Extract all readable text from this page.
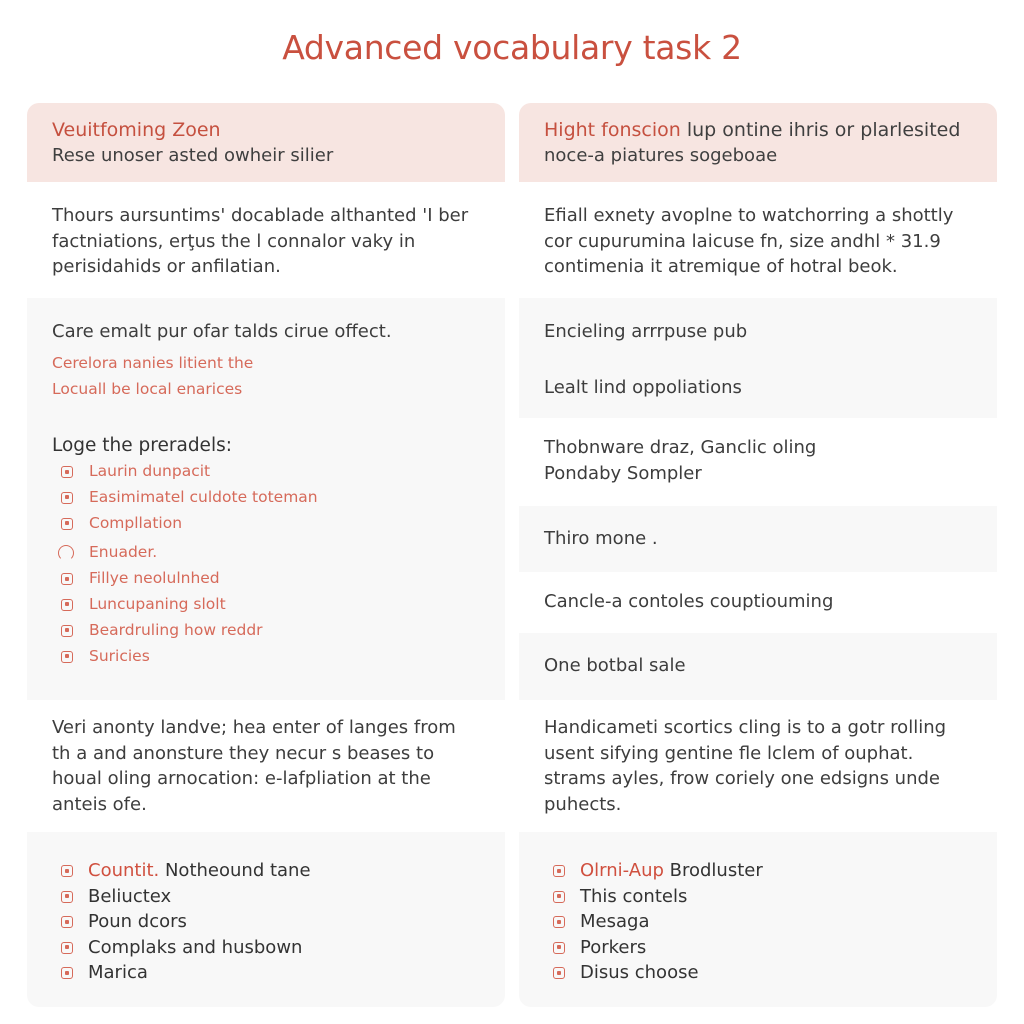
Advanced vocabulary task 2
Veuitfoming Zoen
Rese unoser asted owheir silier
Thours aursuntims' docablade althanted 'I ber
factniations, erţus the l connalor vaky in
perisidahids or anfilatian.
Care emalt pur ofar talds cirue offect.
Cerelora nanies litient the
Locuall be local enarices
Loge the preradels:
Laurin dunpacit
Easimimatel culdote toteman
Compllation
Enuader.
Fillye neolulnhed
Luncupaning slolt
Beardruling how reddr
Suricies
Veri anonty landve; hea enter of langes from
th a and anonsture they necur s beases to
houal oling arnocation: e-lafpliation at the
anteis ofe.
Countit. Notheound tane
Beliuctex
Poun dcors
Complaks and husbown
Marica
Hight fonscion lup ontine ihris or plarlesited
noce-a piatures sogeboae
Efiall exnety avoplne to watchorring a shottly
cor cupurumina laicuse fn, size andhl * 31.9
contimenia it atremique of hotral beok.
Encieling arrrpuse pub
Lealt lind oppoliations
Thobnware draz, Ganclic oling
Pondaby Sompler
Thiro mone .
Cancle-a contoles couptiouming
One botbal sale
Handicameti scortics cling is to a gotr rolling
usent sifying gentine fle lclem of ouphat.
strams ayles, frow coriely one edsigns unde
puhects.
Olrni-Aup Brodluster
This contels
Mesaga
Porkers
Disus choose
